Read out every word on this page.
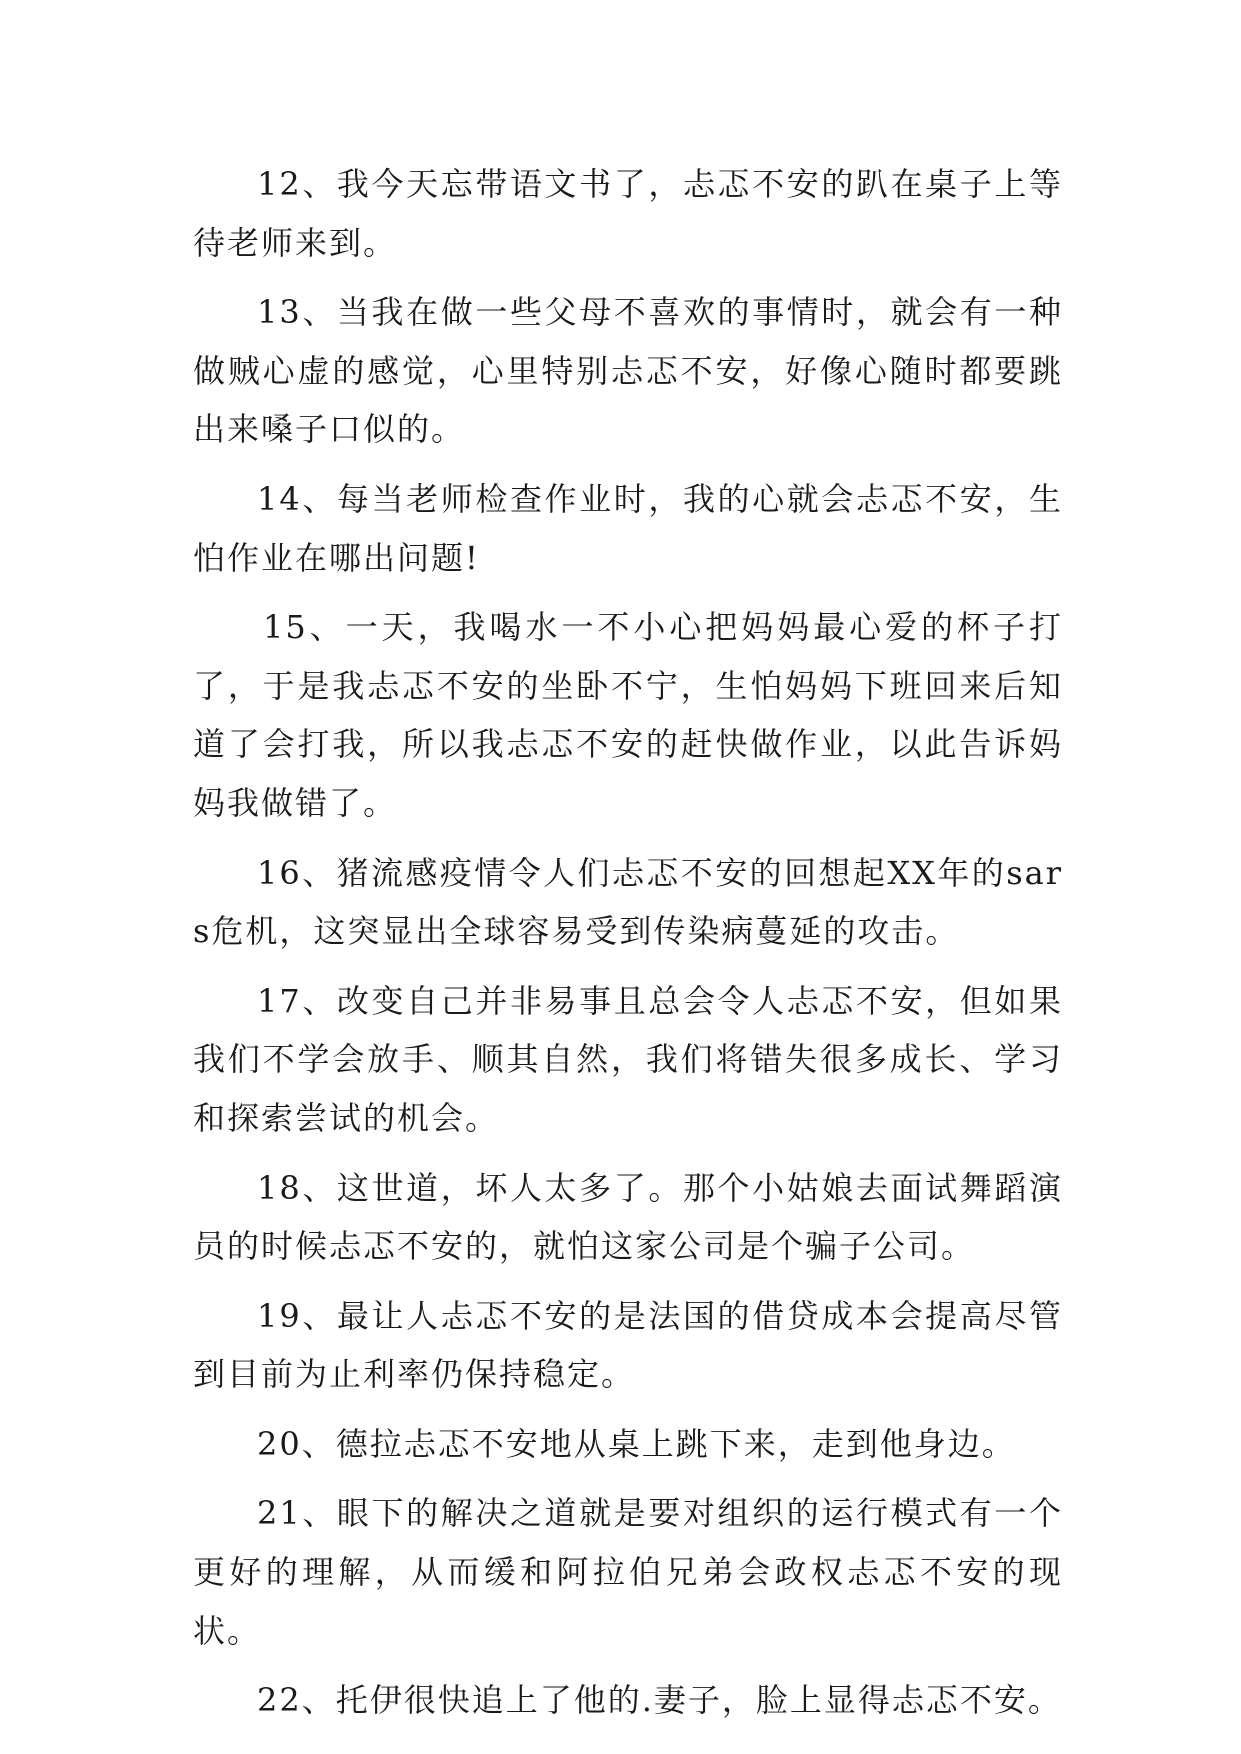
12、我今天忘带语文书了，忐忑不安的趴在桌子上等待老师来到。

13、当我在做一些父母不喜欢的事情时，就会有一种做贼心虚的感觉，心里特别忐忑不安，好像心随时都要跳出来嗓子口似的。

14、每当老师检查作业时，我的心就会忐忑不安，生怕作业在哪出问题!

15、一天，我喝水一不小心把妈妈最心爱的杯子打了，于是我忐忑不安的坐卧不宁，生怕妈妈下班回来后知道了会打我，所以我忐忑不安的赶快做作业，以此告诉妈妈我做错了。

16、猪流感疫情令人们忐忑不安的回想起XX年的sars危机，这突显出全球容易受到传染病蔓延的攻击。

17、改变自己并非易事且总会令人忐忑不安，但如果我们不学会放手、顺其自然，我们将错失很多成长、学习和探索尝试的机会。

18、这世道，坏人太多了。那个小姑娘去面试舞蹈演员的时候忐忑不安的，就怕这家公司是个骗子公司。

19、最让人忐忑不安的是法国的借贷成本会提高尽管到目前为止利率仍保持稳定。

20、德拉忐忑不安地从桌上跳下来，走到他身边。

21、眼下的解决之道就是要对组织的运行模式有一个更好的理解，从而缓和阿拉伯兄弟会政权忐忑不安的现状。

22、托伊很快追上了他的.妻子，脸上显得忐忑不安。
